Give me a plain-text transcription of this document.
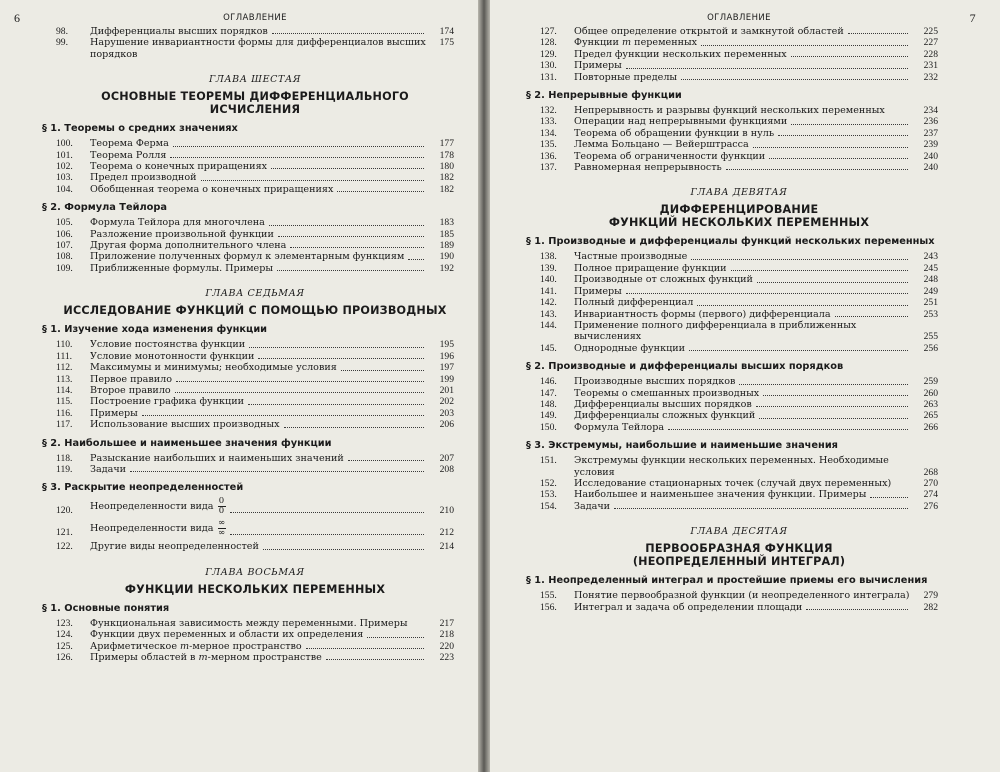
6	ОГЛАВЛЕНИЕ
98.	Дифференциалы высших порядков	174
99.	Нарушение инвариантности формы для дифференциалов высших порядков
175
ГЛАВА ШЕСТАЯ
ОСНОВНЫЕ ТЕОРЕМЫ ДИФФЕРЕНЦИАЛЬНОГО ИСЧИСЛЕНИЯ
§ 1. Теоремы о средних значениях
100.	Теорема Ферма	177
101.	Теорема Ролля	178
102.	Теорема о конечных приращениях	180
103.	Предел производной	182
104.	Обобщенная теорема о конечных приращениях	182
§ 2. Формула Тейлора
105.	Формула Тейлора для многочлена	183
106.	Разложение произвольной функции	185
107.	Другая форма дополнительного члена	189
108.	Приложение полученных формул к элементарным функциям	190
109.	Приближенные формулы. Примеры	192
ГЛАВА СЕДЬМАЯ
ИССЛЕДОВАНИЕ ФУНКЦИЙ С ПОМОЩЬЮ ПРОИЗВОДНЫХ
§ 1. Изучение хода изменения функции
110.	Условие постоянства функции	195
111.	Условие монотонности функции	196
112.	Максимумы и минимумы; необходимые условия	197
113.	Первое правило	199
114.	Второе правило	201
115.	Построение графика функции	202
116.	Примеры	203
117.	Использование высших производных	206
§ 2. Наибольшее и наименьшее значения функции
118.	Разыскание наибольших и наименьших значений	207
119.	Задачи	208
§ 3. Раскрытие неопределенностей
120.	Неопределенности вида $\frac{0}{0}$	210
121.	Неопределенности вида $\frac{\infty}{\infty}$	212
122.	Другие виды неопределенностей	214
ГЛАВА ВОСЬМАЯ
ФУНКЦИИ НЕСКОЛЬКИХ ПЕРЕМЕННЫХ
§ 1. Основные понятия
123.	Функциональная зависимость между переменными. Примеры	217
124.	Функции двух переменных и области их определения	218
125.	Арифметическое m-мерное пространство	220
126.	Примеры областей в m-мерном пространстве	223
ОГЛАВЛЕНИЕ	7
127.	Общее определение открытой и замкнутой областей	225
128.	Функции m переменных	227
129.	Предел функции нескольких переменных	228
130.	Примеры	231
131.	Повторные пределы	232
§ 2. Непрерывные функции
132.	Непрерывность и разрывы функций нескольких переменных	234
133.	Операции над непрерывными функциями	236
134.	Теорема об обращении функции в нуль	237
135.	Лемма Больцано — Вейерштрасса	239
136.	Теорема об ограниченности функции	240
137.	Равномерная непрерывность	240
ГЛАВА ДЕВЯТАЯ
ДИФФЕРЕНЦИРОВАНИЕ
ФУНКЦИЙ НЕСКОЛЬКИХ ПЕРЕМЕННЫХ
§ 1. Производные и дифференциалы функций нескольких переменных
138.	Частные производные	243
139.	Полное приращение функции	245
140.	Производные от сложных функций	248
141.	Примеры	249
142.	Полный дифференциал	251
143.	Инвариантность формы (первого) дифференциала	253
144.	Применение полного дифференциала в приближенных вычислениях	255
145.	Однородные функции	256
§ 2. Производные и дифференциалы высших порядков
146.	Производные высших порядков	259
147.	Теоремы о смешанных производных	260
148.	Дифференциалы высших порядков	263
149.	Дифференциалы сложных функций	265
150.	Формула Тейлора	266
§ 3. Экстремумы, наибольшие и наименьшие значения
151.	Экстремумы функции нескольких переменных. Необходимые условия	268
152.	Исследование стационарных точек (случай двух переменных)	270
153.	Наибольшее и наименьшее значения функции. Примеры	274
154.	Задачи	276
ГЛАВА ДЕСЯТАЯ
ПЕРВООБРАЗНАЯ ФУНКЦИЯ
(НЕОПРЕДЕЛЕННЫЙ ИНТЕГРАЛ)
§ 1. Неопределенный интеграл и простейшие приемы его вычисления
155.	Понятие первообразной функции (и неопределенного интеграла)	279
156.	Интеграл и задача об определении площади	282
